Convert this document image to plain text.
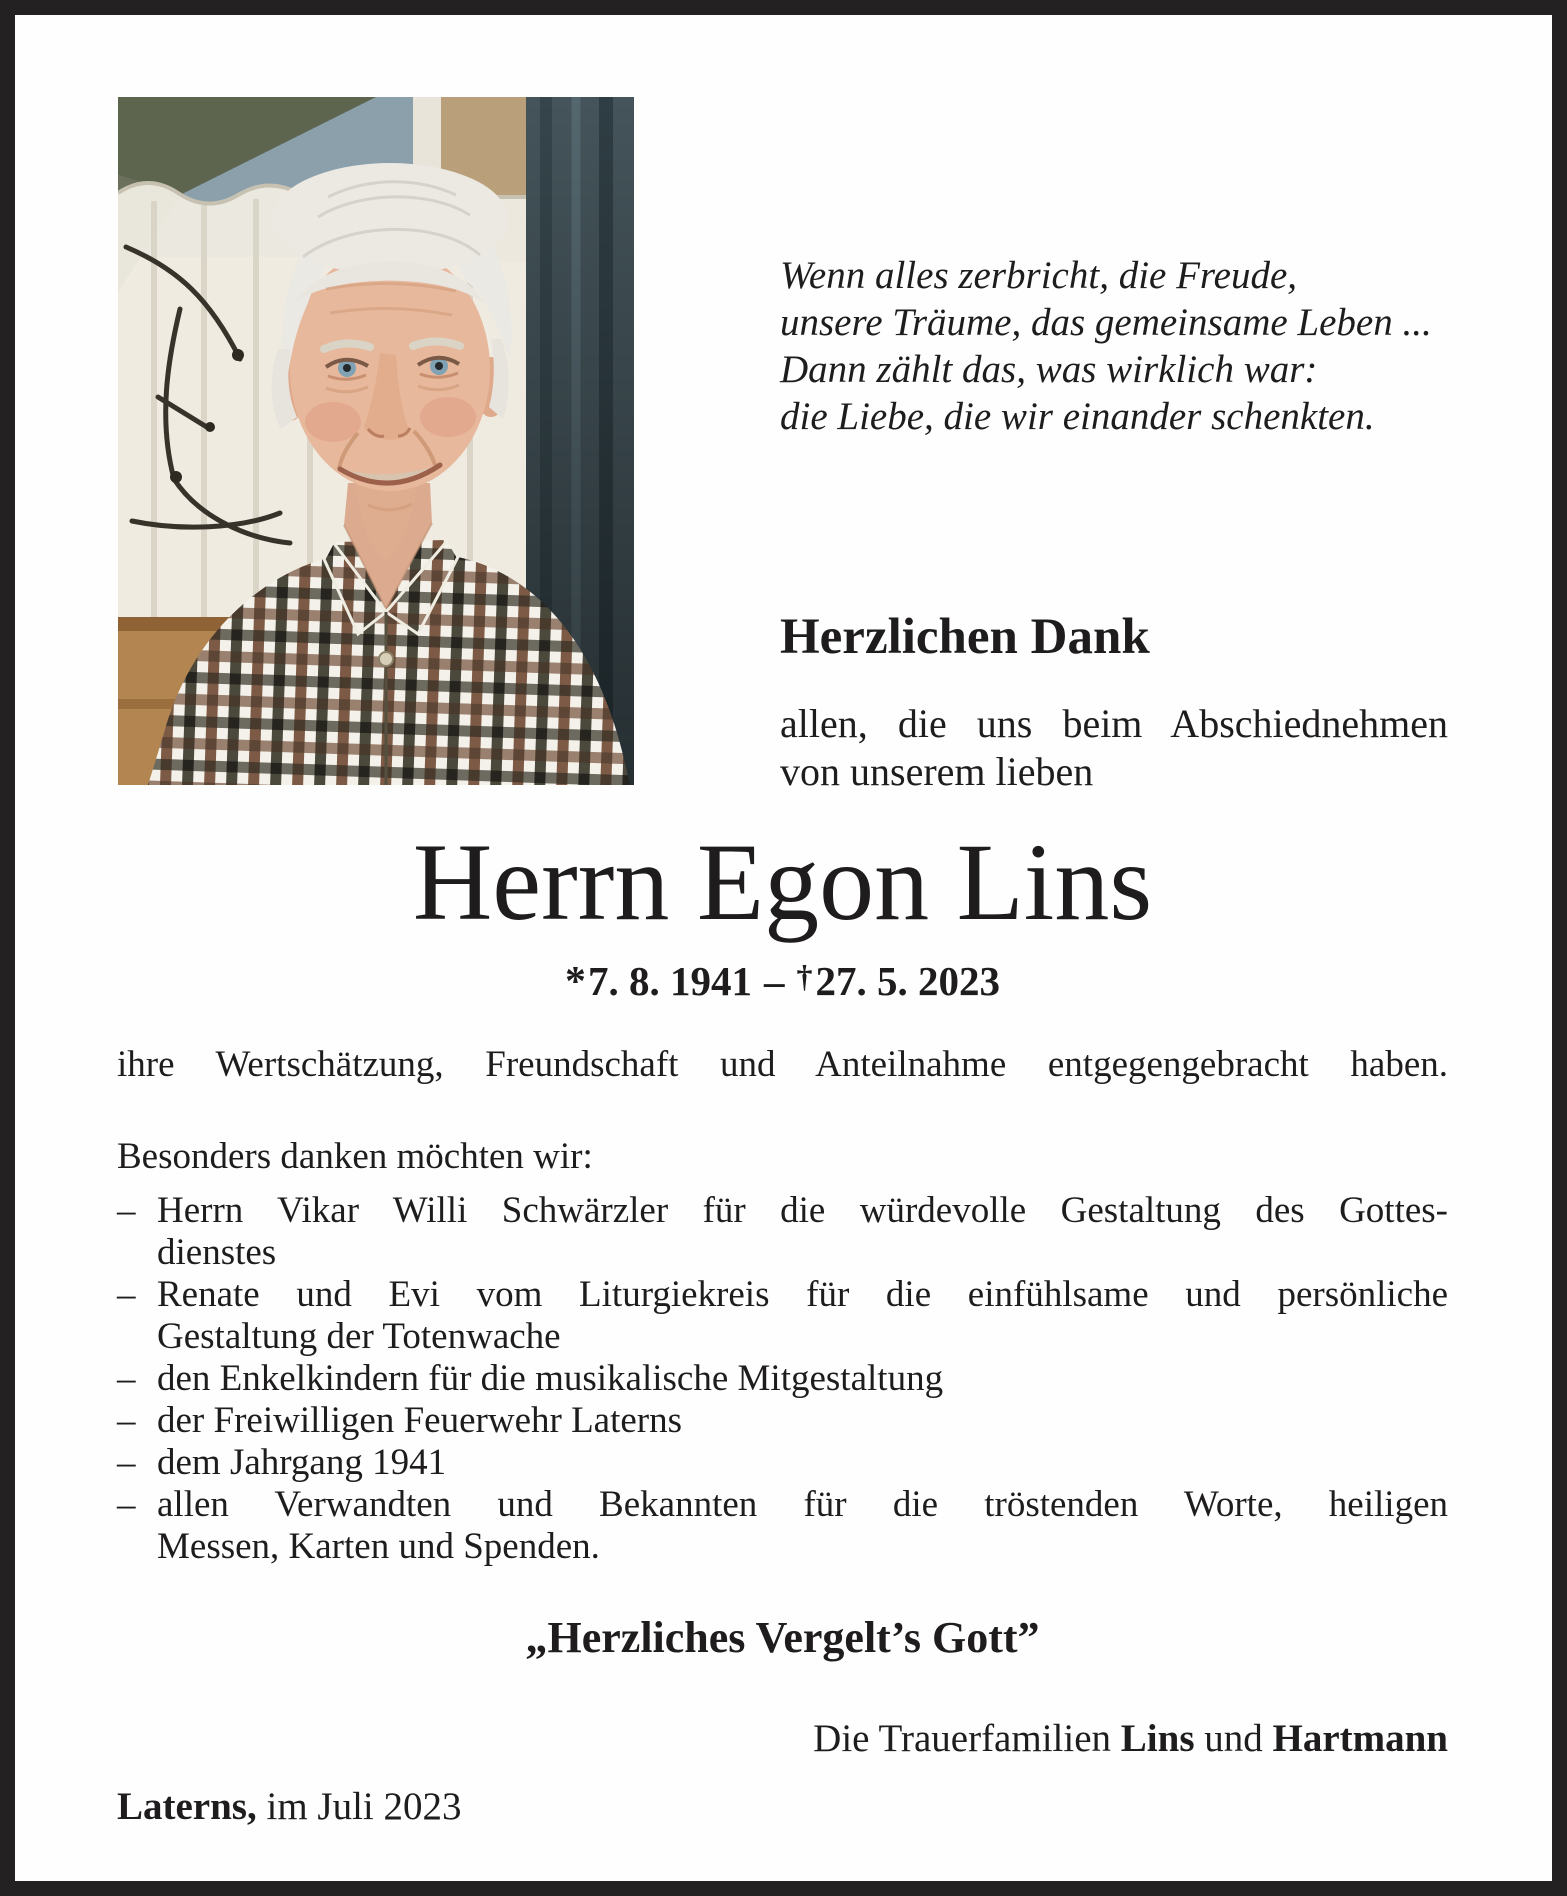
Wenn alles zerbricht, die Freude,
unsere Träume, das gemeinsame Leben ...
Dann zählt das, was wirklich war:
die Liebe, die wir einander schenkten.
Herzlichen Dank
allen, die uns beim Abschiednehmen
von unserem lieben
Herrn Egon Lins
*7. 8. 1941 – †27. 5. 2023
ihre Wertschätzung, Freundschaft und Anteilnahme entgegengebracht haben.
Besonders danken möchten wir:
– Herrn Vikar Willi Schwärzler für die würdevolle Gestaltung des Gottes-
dienstes
– Renate und Evi vom Liturgiekreis für die einfühlsame und persönliche
Gestaltung der Totenwache
– den Enkelkindern für die musikalische Mitgestaltung
– der Freiwilligen Feuerwehr Laterns
– dem Jahrgang 1941
– allen Verwandten und Bekannten für die tröstenden Worte, heiligen
Messen, Karten und Spenden.
„Herzliches Vergelt’s Gott”
Die Trauerfamilien Lins und Hartmann
Laterns, im Juli 2023
